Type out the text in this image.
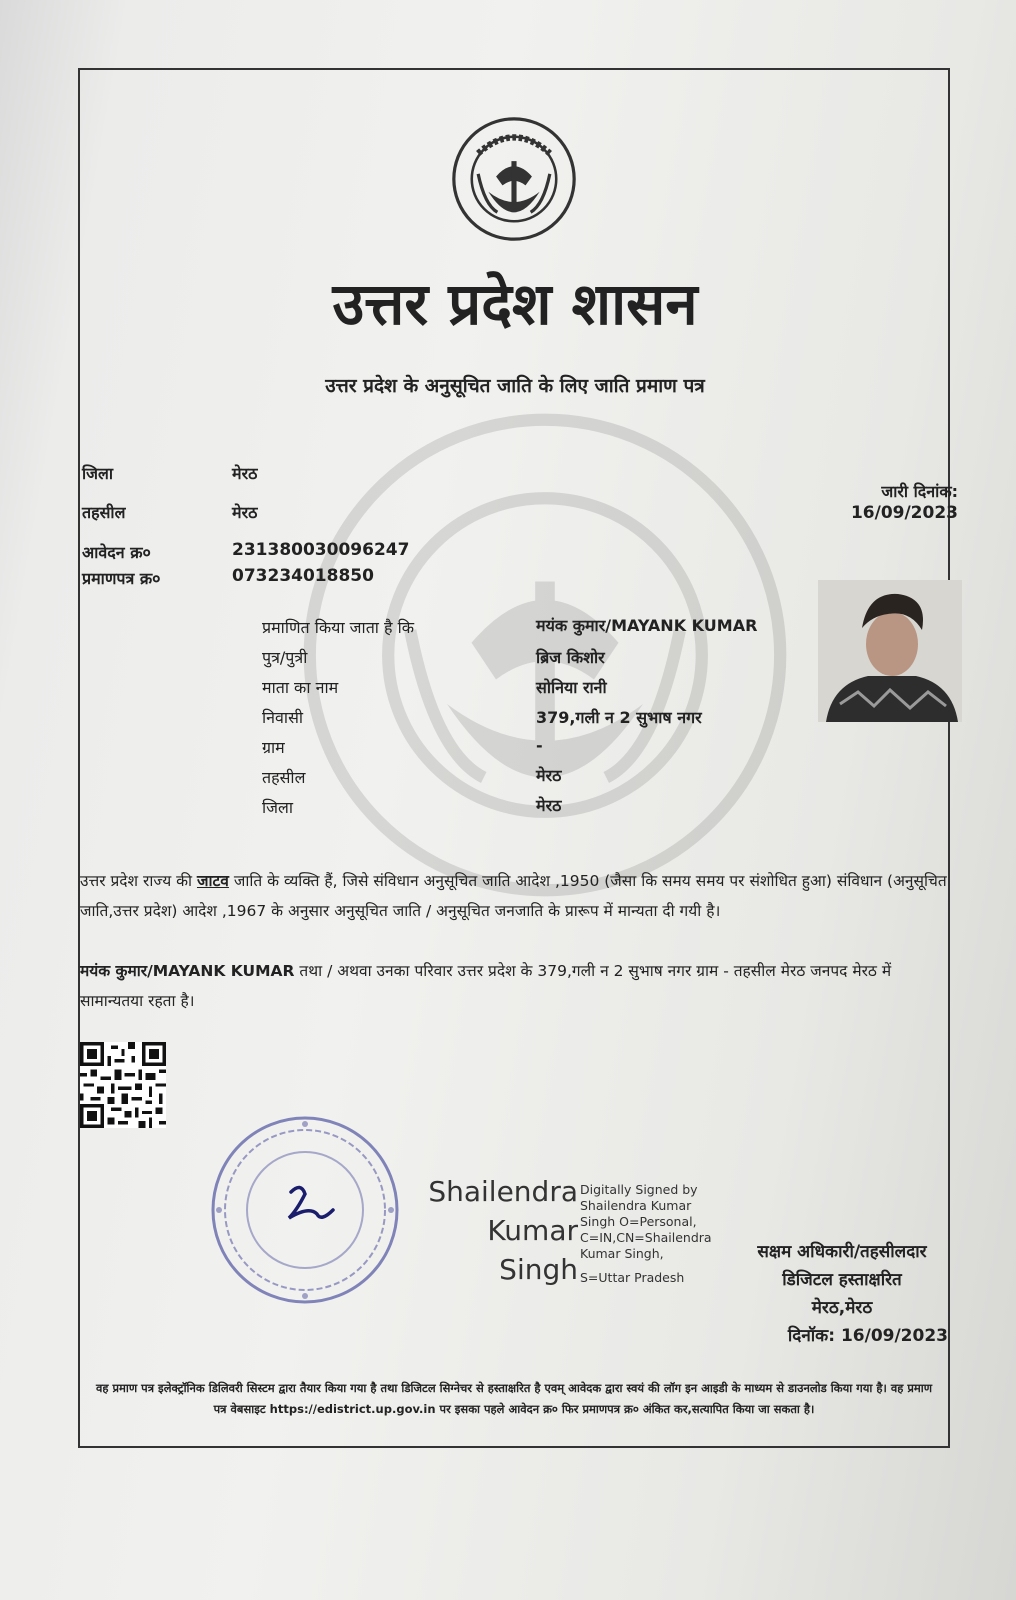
उत्तर प्रदेश शासन
उत्तर प्रदेश के अनुसूचित जाति के लिए जाति प्रमाण पत्र
जिला	मेरठ
तहसील	मेरठ
आवेदन क्र०	231380030096247
प्रमाणपत्र क्र०	073234018850
जारी दिनांक:
16/09/2023
प्रमाणित किया जाता है कि	मयंक कुमार/MAYANK KUMAR
पुत्र/पुत्री	ब्रिज किशोर
माता का नाम	सोनिया रानी
निवासी	379,गली न 2 सुभाष नगर
ग्राम	-
तहसील	मेरठ
जिला	मेरठ
उत्तर प्रदेश राज्य की जाटव जाति के व्यक्ति हैं, जिसे संविधान अनुसूचित जाति आदेश ,1950 (जैसा कि समय समय पर संशोधित हुआ) संविधान (अनुसूचित जाति,उत्तर प्रदेश) आदेश ,1967 के अनुसार अनुसूचित जाति / अनुसूचित जनजाति के प्रारूप में मान्यता दी गयी है।
मयंक कुमार/MAYANK KUMAR तथा / अथवा उनका परिवार उत्तर प्रदेश के 379,गली न 2 सुभाष नगर ग्राम - तहसील मेरठ जनपद मेरठ में सामान्यतया रहता है।
Shailendra
Kumar
Singh
Digitally Signed by
Shailendra Kumar
Singh O=Personal,
C=IN,CN=Shailendra
Kumar Singh,
S=Uttar Pradesh
सक्षम अधिकारी/तहसीलदार
डिजिटल हस्ताक्षरित
मेरठ,मेरठ
दिनॉक: 16/09/2023
वह प्रमाण पत्र इलेक्ट्रॉनिक डिलिवरी सिस्टम द्वारा तैयार किया गया है तथा डिजिटल सिग्नेचर से हस्ताक्षरित है एवम् आवेदक द्वारा स्वयं की लॉग इन आइडी के माध्यम से डाउनलोड किया गया है। वह प्रमाण पत्र वेबसाइट https://edistrict.up.gov.in पर इसका पहले आवेदन क्र० फिर प्रमाणपत्र क्र० अंकित कर,सत्यापित किया जा सकता है।
